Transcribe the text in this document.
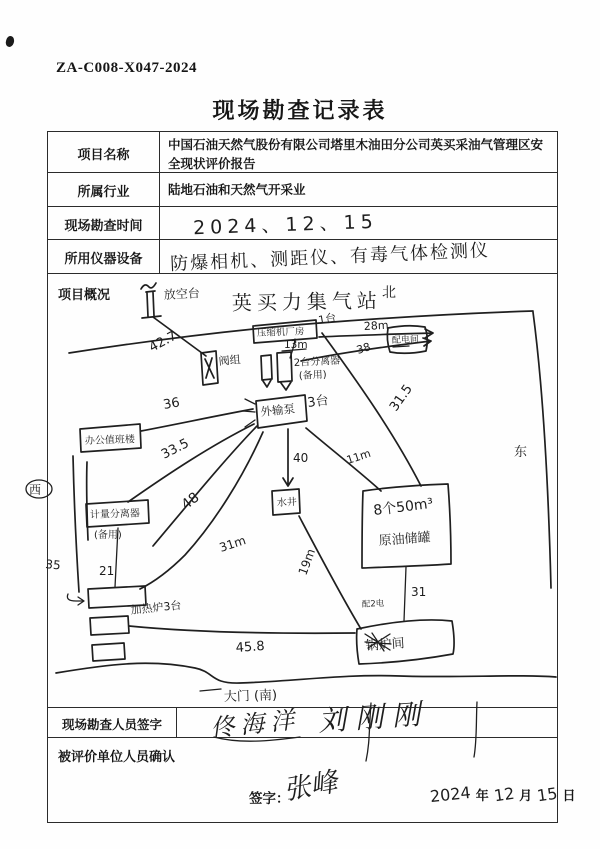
ZA-C008-X047-2024
现场勘查记录表
项目名称
中国石油天然气股份有限公司塔里木油田分公司英买采油气管理区安全现状评价报告
所属行业	陆地石油和天然气开采业
现场勘查时间
所用仪器设备
项目概况
现场勘查人员签字
被评价单位人员确认
2024、12、15
防爆相机、测距仪、有毒气体检测仪
佟海洋 刘刚刚
签字：
张峰	2024 年 12 月 15 日
英买力集气站 北
西
东
放空台
42.7
阀组
压缩机厂房
1台
13m
2台分离器
(备用)
28m
38 配电间
31.5
外输泵 3台
36
办公值班楼 33.5
计量分离器
(备用)
21
35
48
40
水井
11m
8个50m³
原油储罐
31
配2电
锅炉间
19m
31m
加热炉3台
45.8
大门 (南)
